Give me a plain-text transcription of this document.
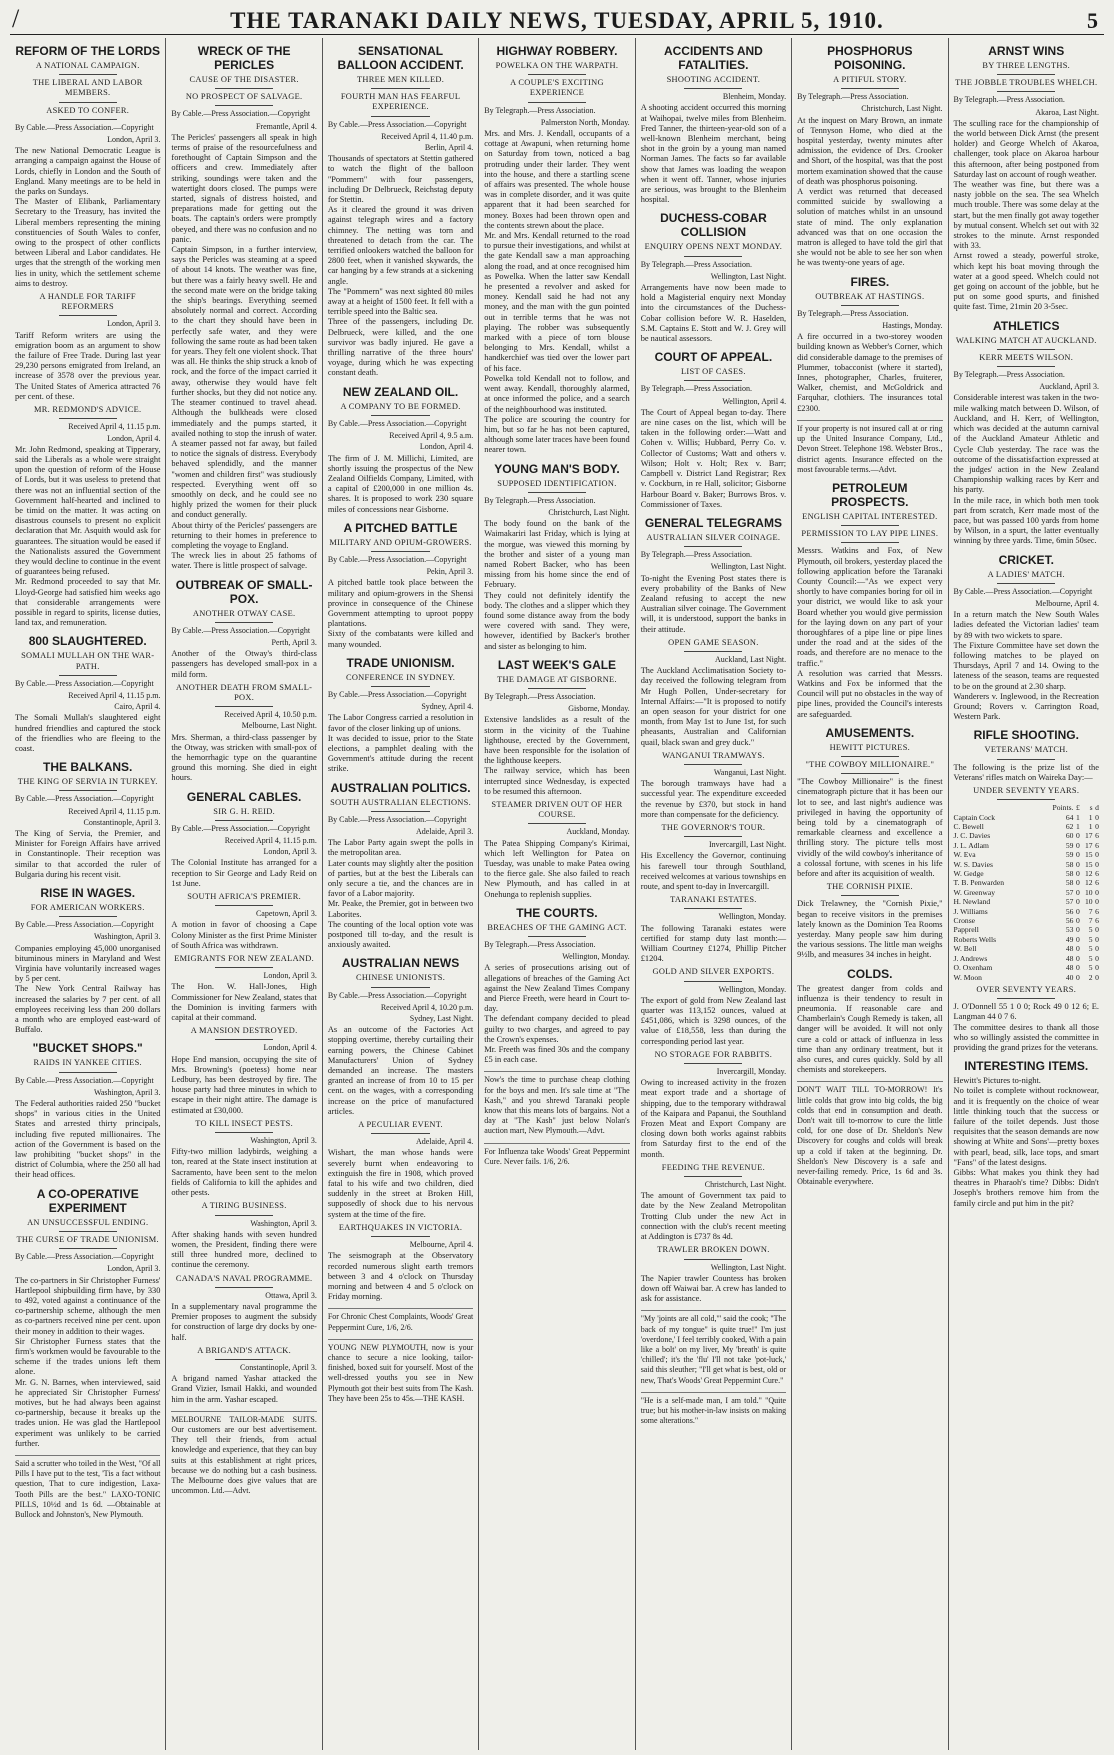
/	THE TARANAKI DAILY NEWS, TUESDAY, APRIL 5, 1910.	5
REFORM OF THE LORDS
A NATIONAL CAMPAIGN.
THE LIBERAL AND LABOR MEMBERS.
ASKED TO CONFER.
By Cable.—Press Association.—Copyright
London, April 3.
The new National Democratic League is arranging a campaign against the House of Lords, chiefly in London and the South of England. Many meetings are to be held in the parks on Sundays.
The Master of Elibank, Parliamentary Secretary to the Treasury, has invited the Liberal members representing the mining constituencies of South Wales to confer, owing to the prospect of other conflicts between Liberal and Labor candidates. He urges that the strength of the working men lies in unity, which the settlement scheme aims to destroy.
A HANDLE FOR TARIFF REFORMERS
London, April 3.
Tariff Reform writers are using the emigration boom as an argument to show the failure of Free Trade. During last year 29,230 persons emigrated from Ireland, an increase of 3578 over the previous year. The United States of America attracted 76 per cent. of these.
MR. REDMOND'S ADVICE.
Received April 4, 11.15 p.m.
London, April 4.
Mr. John Redmond, speaking at Tipperary, said the Liberals as a whole were straight upon the question of reform of the House of Lords, but it was useless to pretend that there was not an influential section of the Government half-hearted and inclined to be timid on the matter. It was acting on disastrous counsels to present no explicit declaration that Mr. Asquith would ask for guarantees. The situation would be eased if the Nationalists assured the Government they would decline to continue in the event of guarantees being refused.
Mr. Redmond proceeded to say that Mr. Lloyd-George had satisfied him weeks ago that considerable arrangements were possible in regard to spirits, license duties, land tax, and remuneration.
800 SLAUGHTERED.
SOMALI MULLAH ON THE WAR-PATH.
By Cable.—Press Association.—Copyright
Received April 4, 11.15 p.m.
Cairo, April 4.
The Somali Mullah's slaughtered eight hundred friendlies and captured the stock of the friendlies who are fleeing to the coast.
THE BALKANS.
THE KING OF SERVIA IN TURKEY.
By Cable.—Press Association.—Copyright
Received April 4, 11.15 p.m.
Constantinople, April 3.
The King of Servia, the Premier, and Minister for Foreign Affairs have arrived in Constantinople. Their reception was similar to that accorded the ruler of Bulgaria during his recent visit.
RISE IN WAGES.
FOR AMERICAN WORKERS.
By Cable.—Press Association.—Copyright
Washington, April 3.
Companies employing 45,000 unorganised bituminous miners in Maryland and West Virginia have voluntarily increased wages by 5 per cent.
The New York Central Railway has increased the salaries by 7 per cent. of all employees receiving less than 200 dollars a month who are employed east-ward of Buffalo.
"BUCKET SHOPS."
RAIDS IN YANKEE CITIES.
By Cable.—Press Association.—Copyright
Washington, April 3.
The Federal authorities raided 250 "bucket shops" in various cities in the United States and arrested thirty principals, including five reputed millionaires. The action of the Government is based on the law prohibiting "bucket shops" in the district of Columbia, where the 250 all had their head offices.
A CO-OPERATIVE EXPERIMENT
AN UNSUCCESSFUL ENDING.
THE CURSE OF TRADE UNIONISM.
By Cable.—Press Association.—Copyright
London, April 3.
The co-partners in Sir Christopher Furness' Hartlepool shipbuilding firm have, by 330 to 492, voted against a continuance of the co-partnership scheme, although the men as co-partners received nine per cent. upon their money in addition to their wages.
Sir Christopher Furness states that the firm's workmen would be favourable to the scheme if the trades unions left them alone.
Mr. G. N. Barnes, when interviewed, said he appreciated Sir Christopher Furness' motives, but he had always been against co-partnership, because it breaks up the trades union. He was glad the Hartlepool experiment was unlikely to be carried further.
Said a scrutter who toiled in the West, "Of all Pills I have put to the test, 'Tis a fact without question, That to cure indigestion, Laxa-Tooth Pills are the best." LAXO-TONIC PILLS, 10½d and 1s 6d. —Obtainable at Bullock and Johnston's, New Plymouth.
WRECK OF THE PERICLES
CAUSE OF THE DISASTER.
NO PROSPECT OF SALVAGE.
By Cable.—Press Association.—Copyright
Fremantle, April 4.
The Pericles' passengers all speak in high terms of praise of the resourcefulness and forethought of Captain Simpson and the officers and crew. Immediately after striking, soundings were taken and the watertight doors closed. The pumps were started, signals of distress hoisted, and preparations made for getting out the boats. The captain's orders were promptly obeyed, and there was no confusion and no panic.
Captain Simpson, in a further interview, says the Pericles was steaming at a speed of about 14 knots. The weather was fine, but there was a fairly heavy swell. He and the second mate were on the bridge taking the ship's bearings. Everything seemed absolutely normal and correct. According to the chart they should have been in perfectly safe water, and they were following the same route as had been taken for years. They felt one violent shock. That was all. He thinks the ship struck a knob of rock, and the force of the impact carried it away, otherwise they would have felt further shocks, but they did not notice any. The steamer continued to travel ahead. Although the bulkheads were closed immediately and the pumps started, it availed nothing to stop the inrush of water. A steamer passed not far away, but failed to notice the signals of distress. Everybody behaved splendidly, and the manner "women and children first" was studiously respected. Everything went off so smoothly on deck, and he could see no highly prized the women for their pluck and conduct generally.
About thirty of the Pericles' passengers are returning to their homes in preference to completing the voyage to England.
The wreck lies in about 25 fathoms of water. There is little prospect of salvage.
OUTBREAK OF SMALL-POX.
ANOTHER OTWAY CASE.
By Cable.—Press Association.—Copyright
Perth, April 3.
Another of the Otway's third-class passengers has developed small-pox in a mild form.
ANOTHER DEATH FROM SMALL-POX.
Received April 4, 10.50 p.m.
Melbourne, Last Night.
Mrs. Sherman, a third-class passenger by the Otway, was stricken with small-pox of the hemorrhagic type on the quarantine ground this morning. She died in eight hours.
GENERAL CABLES.
SIR G. H. REID.
By Cable.—Press Association.—Copyright
Received April 4, 11.15 p.m.
London, April 3.
The Colonial Institute has arranged for a reception to Sir George and Lady Reid on 1st June.
SOUTH AFRICA'S PREMIER.
Capetown, April 3.
A motion in favor of choosing a Cape Colony Minister as the first Prime Minister of South Africa was withdrawn.
EMIGRANTS FOR NEW ZEALAND.
London, April 3.
The Hon. W. Hall-Jones, High Commissioner for New Zealand, states that the Dominion is inviting farmers with capital at their command.
A MANSION DESTROYED.
London, April 4.
Hope End mansion, occupying the site of Mrs. Browning's (poetess) home near Ledbury, has been destroyed by fire. The house party had three minutes in which to escape in their night attire. The damage is estimated at £30,000.
TO KILL INSECT PESTS.
Washington, April 3.
Fifty-two million ladybirds, weighing a ton, reared at the State insect institution at Sacramento, have been sent to the melon fields of California to kill the aphides and other pests.
A TIRING BUSINESS.
Washington, April 3.
After shaking hands with seven hundred women, the President, finding there were still three hundred more, declined to continue the ceremony.
CANADA'S NAVAL PROGRAMME.
Ottawa, April 3.
In a supplementary naval programme the Premier proposes to augment the subsidy for construction of large dry docks by one-half.
A BRIGAND'S ATTACK.
Constantinople, April 3.
A brigand named Yashar attacked the Grand Vizier, Ismail Hakki, and wounded him in the arm. Yashar escaped.
MELBOURNE TAILOR-MADE SUITS. Our customers are our best advertisement. They tell their friends, from actual knowledge and experience, that they can buy suits at this establishment at right prices, because we do nothing but a cash business. The Melbourne does give values that are uncommon. Ltd.—Advt.
SENSATIONAL BALLOON ACCIDENT.
THREE MEN KILLED.
FOURTH MAN HAS FEARFUL EXPERIENCE.
By Cable.—Press Association.—Copyright
Received April 4, 11.40 p.m.
Berlin, April 4.
Thousands of spectators at Stettin gathered to watch the flight of the balloon "Pommern" with four passengers, including Dr Delbrueck, Reichstag deputy for Stettin.
As it cleared the ground it was driven against telegraph wires and a factory chimney. The netting was torn and threatened to detach from the car. The terrified onlookers watched the balloon for 2800 feet, when it vanished skywards, the car hanging by a few strands at a sickening angle.
The "Pommern" was next sighted 80 miles away at a height of 1500 feet. It fell with a terrible speed into the Baltic sea.
Three of the passengers, including Dr. Delbrueck, were killed, and the one survivor was badly injured. He gave a thrilling narrative of the three hours' voyage, during which he was expecting constant death.
NEW ZEALAND OIL.
A COMPANY TO BE FORMED.
By Cable.—Press Association.—Copyright
Received April 4, 9.5 a.m.
London, April 4.
The firm of J. M. Millichi, Limited, are shortly issuing the prospectus of the New Zealand Oilfields Company, Limited, with a capital of £200,000 in one million 4s. shares. It is proposed to work 230 square miles of concessions near Gisborne.
A PITCHED BATTLE
MILITARY AND OPIUM-GROWERS.
By Cable.—Press Association.—Copyright
Pekin, April 3.
A pitched battle took place between the military and opium-growers in the Shensi province in consequence of the Chinese Government attempting to uproot poppy plantations.
Sixty of the combatants were killed and many wounded.
TRADE UNIONISM.
CONFERENCE IN SYDNEY.
By Cable.—Press Association.—Copyright
Sydney, April 4.
The Labor Congress carried a resolution in favor of the closer linking up of unions.
It was decided to issue, prior to the State elections, a pamphlet dealing with the Government's attitude during the recent strike.
AUSTRALIAN POLITICS.
SOUTH AUSTRALIAN ELECTIONS.
By Cable.—Press Association.—Copyright
Adelaide, April 3.
The Labor Party again swept the polls in the metropolitan area.
Later counts may slightly alter the position of parties, but at the best the Liberals can only secure a tie, and the chances are in favor of a Labor majority.
Mr. Peake, the Premier, got in between two Laborites.
The counting of the local option vote was postponed till to-day, and the result is anxiously awaited.
AUSTRALIAN NEWS
CHINESE UNIONISTS.
By Cable.—Press Association.—Copyright
Received April 4, 10.20 p.m.
Sydney, Last Night.
As an outcome of the Factories Act stopping overtime, thereby curtailing their earning powers, the Chinese Cabinet Manufacturers' Union of Sydney demanded an increase. The masters granted an increase of from 10 to 15 per cent. on the wages, with a corresponding increase on the price of manufactured articles.
A PECULIAR EVENT.
Adelaide, April 4.
Wishart, the man whose hands were severely burnt when endeavoring to extinguish the fire in 1908, which proved fatal to his wife and two children, died suddenly in the street at Broken Hill, supposedly of shock due to his nervous system at the time of the fire.
EARTHQUAKES IN VICTORIA.
Melbourne, April 4.
The seismograph at the Observatory recorded numerous slight earth tremors between 3 and 4 o'clock on Thursday morning and between 4 and 5 o'clock on Friday morning.
For Chronic Chest Complaints, Woods' Great Peppermint Cure, 1/6, 2/6.
YOUNG NEW PLYMOUTH, now is your chance to secure a nice looking, tailor-finished, boxed suit for yourself. Most of the well-dressed youths you see in New Plymouth got their best suits from The Kash. They have been 25s to 45s.—THE KASH.
HIGHWAY ROBBERY.
POWELKA ON THE WARPATH.
A COUPLE'S EXCITING EXPERIENCE
By Telegraph.—Press Association.
Palmerston North, Monday.
Mrs. and Mrs. J. Kendall, occupants of a cottage at Awapuni, when returning home on Saturday from town, noticed a bag protruding under their larder. They went into the house, and there a startling scene of affairs was presented. The whole house was in complete disorder, and it was quite apparent that it had been searched for money. Boxes had been thrown open and the contents strewn about the place.
Mr. and Mrs. Kendall returned to the road to pursue their investigations, and whilst at the gate Kendall saw a man approaching along the road, and at once recognised him as Powelka. When the latter saw Kendall he presented a revolver and asked for money. Kendall said he had not any money, and the man with the gun pointed out in terrible terms that he was not playing. The robber was subsequently marked with a piece of torn blouse belonging to Mrs. Kendall, whilst a handkerchief was tied over the lower part of his face.
Powelka told Kendall not to follow, and went away. Kendall, thoroughly alarmed, at once informed the police, and a search of the neighbourhood was instituted.
The police are scouring the country for him, but so far he has not been captured, although some later traces have been found nearer town.
YOUNG MAN'S BODY.
SUPPOSED IDENTIFICATION.
By Telegraph.—Press Association.
Christchurch, Last Night.
The body found on the bank of the Waimakariri last Friday, which is lying at the morgue, was viewed this morning by the brother and sister of a young man named Robert Backer, who has been missing from his home since the end of February.
They could not definitely identify the body. The clothes and a slipper which they found some distance away from the body were covered with sand. They were, however, identified by Backer's brother and sister as belonging to him.
LAST WEEK'S GALE
THE DAMAGE AT GISBORNE.
By Telegraph.—Press Association.
Gisborne, Monday.
Extensive landslides as a result of the storm in the vicinity of the Tuahine lighthouse, erected by the Government, have been responsible for the isolation of the lighthouse keepers.
The railway service, which has been interrupted since Wednesday, is expected to be resumed this afternoon.
STEAMER DRIVEN OUT OF HER COURSE.
Auckland, Monday.
The Patea Shipping Company's Kirimai, which left Wellington for Patea on Tuesday, was unable to make Patea owing to the fierce gale. She also failed to reach New Plymouth, and has called in at Onehunga to replenish supplies.
THE COURTS.
BREACHES OF THE GAMING ACT.
By Telegraph.—Press Association.
Wellington, Monday.
A series of prosecutions arising out of allegations of breaches of the Gaming Act against the New Zealand Times Company and Pierce Freeth, were heard in Court to-day.
The defendant company decided to plead guilty to two charges, and agreed to pay the Crown's expenses.
Mr. Freeth was fined 30s and the company £5 in each case.
Now's the time to purchase cheap clothing for the boys and men. It's sale time at "The Kash," and you shrewd Taranaki people know that this means lots of bargains. Not a day at "The Kash" just below Nolan's auction mart, New Plymouth.—Advt.
For Influenza take Woods' Great Peppermint Cure. Never fails. 1/6, 2/6.
ACCIDENTS AND FATALITIES.
SHOOTING ACCIDENT.
Blenheim, Monday.
A shooting accident occurred this morning at Waihopai, twelve miles from Blenheim. Fred Tanner, the thirteen-year-old son of a well-known Blenheim merchant, being shot in the groin by a young man named Norman James. The facts so far available show that James was loading the weapon when it went off. Tanner, whose injuries are serious, was brought to the Blenheim hospital.
DUCHESS-COBAR COLLISION
ENQUIRY OPENS NEXT MONDAY.
By Telegraph.—Press Association.
Wellington, Last Night.
Arrangements have now been made to hold a Magisterial enquiry next Monday into the circumstances of the Duchess-Cobar collision before W. R. Haselden, S.M. Captains E. Stott and W. J. Grey will be nautical assessors.
COURT OF APPEAL.
LIST OF CASES.
By Telegraph.—Press Association.
Wellington, April 4.
The Court of Appeal began to-day. There are nine cases on the list, which will be taken in the following order:—Watt and Cohen v. Willis; Hubbard, Perry Co. v. Collector of Customs; Watt and others v. Wilson; Holt v. Holt; Rex v. Barr; Campbell v. District Land Registrar; Rex v. Cockburn, in re Hall, solicitor; Gisborne Harbour Board v. Baker; Burrows Bros. v. Commissioner of Taxes.
GENERAL TELEGRAMS
AUSTRALIAN SILVER COINAGE.
By Telegraph.—Press Association.
Wellington, Last Night.
To-night the Evening Post states there is every probability of the Banks of New Zealand refusing to accept the new Australian silver coinage. The Government will, it is understood, support the banks in their attitude.
OPEN GAME SEASON.
Auckland, Last Night.
The Auckland Acclimatisation Society to-day received the following telegram from Mr Hugh Pollen, Under-secretary for Internal Affairs:—"It is proposed to notify an open season for your district for one month, from May 1st to June 1st, for such pheasants, Australian and Californian quail, black swan and grey duck."
WANGANUI TRAMWAYS.
Wanganui, Last Night.
The borough tramways have had a successful year. The expenditure exceeded the revenue by £370, but stock in hand more than compensate for the deficiency.
THE GOVERNOR'S TOUR.
Invercargill, Last Night.
His Excellency the Governor, continuing his farewell tour through Southland, received welcomes at various townships en route, and spent to-day in Invercargill.
TARANAKI ESTATES.
Wellington, Monday.
The following Taranaki estates were certified for stamp duty last month:—William Courtney £1274, Phillip Pitcher £1204.
GOLD AND SILVER EXPORTS.
Wellington, Monday.
The export of gold from New Zealand last quarter was 113,152 ounces, valued at £451,086, which is 3298 ounces, of the value of £18,558, less than during the corresponding period last year.
NO STORAGE FOR RABBITS.
Invercargill, Monday.
Owing to increased activity in the frozen meat export trade and a shortage of shipping, due to the temporary withdrawal of the Kaipara and Papanui, the Southland Frozen Meat and Export Company are closing down both works against rabbits from Saturday first to the end of the month.
FEEDING THE REVENUE.
Christchurch, Last Night.
The amount of Government tax paid to date by the New Zealand Metropolitan Trotting Club under the new Act in connection with the club's recent meeting at Addington is £737 8s 4d.
TRAWLER BROKEN DOWN.
Wellington, Last Night.
The Napier trawler Countess has broken down off Waiwai bar. A crew has landed to ask for assistance.
"My 'joints are all cold,'" said the cook; "The back of my tongue" is quite true!" I'm just 'overdone,' I feel terribly cooked, With a pain like a bolt' on my liver, My 'breath' is quite 'chilled'; it's the 'flu' I'll not take 'pot-luck,' said this sleuther; "I'll get what is best, old or new, That's Woods' Great Peppermint Cure."
"He is a self-made man, I am told." "Quite true; but his mother-in-law insists on making some alterations."
PHOSPHORUS POISONING.
A PITIFUL STORY.
By Telegraph.—Press Association.
Christchurch, Last Night.
At the inquest on Mary Brown, an inmate of Tennyson Home, who died at the hospital yesterday, twenty minutes after admission, the evidence of Drs. Crooker and Short, of the hospital, was that the post mortem examination showed that the cause of death was phosphorus poisoning.
A verdict was returned that deceased committed suicide by swallowing a solution of matches whilst in an unsound state of mind. The only explanation advanced was that on one occasion the matron is alleged to have told the girl that she would not be able to see her son when he was twenty-one years of age.
FIRES.
OUTBREAK AT HASTINGS.
By Telegraph.—Press Association.
Hastings, Monday.
A fire occurred in a two-storey wooden building known as Webber's Corner, which did considerable damage to the premises of Plummer, tobacconist (where it started), Innes, photographer, Charles, fruiterer, Walker, chemist, and McGoldrick and Farquhar, clothiers. The insurances total £2300.
If your property is not insured call at or ring up the United Insurance Company, Ltd., Devon Street. Telephone 198. Webster Bros., district agents. Insurance effected on the most favourable terms.—Advt.
PETROLEUM PROSPECTS.
ENGLISH CAPITAL INTERESTED.
PERMISSION TO LAY PIPE LINES.
Messrs. Watkins and Fox, of New Plymouth, oil brokers, yesterday placed the following application before the Taranaki County Council:—"As we expect very shortly to have companies boring for oil in your district, we would like to ask your Board whether you would give permission for the laying down on any part of your thoroughfares of a pipe line or pipe lines under the road and at the sides of the roads, and therefore are no menace to the traffic."
A resolution was carried that Messrs. Watkins and Fox be informed that the Council will put no obstacles in the way of pipe lines, provided the Council's interests are safeguarded.
AMUSEMENTS.
HEWITT PICTURES.
"THE COWBOY MILLIONAIRE."
"The Cowboy Millionaire" is the finest cinematograph picture that it has been our lot to see, and last night's audience was privileged in having the opportunity of being told by a cinematograph of remarkable clearness and excellence a thrilling story. The picture tells most vividly of the wild cowboy's inheritance of a colossal fortune, with scenes in his life before and after its acquisition of wealth.
THE CORNISH PIXIE.
Dick Trelawney, the "Cornish Pixie," began to receive visitors in the premises lately known as the Dominion Tea Rooms yesterday. Many people saw him during the various sessions. The little man weighs 9½lb, and measures 34 inches in height.
COLDS.
The greatest danger from colds and influenza is their tendency to result in pneumonia. If reasonable care and Chamberlain's Cough Remedy is taken, all danger will be avoided. It will not only cure a cold or attack of influenza in less time than any ordinary treatment, but it also cures, and cures quickly. Sold by all chemists and storekeepers.
DON'T WAIT TILL TO-MORROW! It's little colds that grow into big colds, the big colds that end in consumption and death. Don't wait till to-morrow to cure the little cold, for one dose of Dr. Sheldon's New Discovery for coughs and colds will break up a cold if taken at the beginning. Dr. Sheldon's New Discovery is a safe and never-failing remedy. Price, 1s 6d and 3s. Obtainable everywhere.
ARNST WINS
BY THREE LENGTHS.
THE JOBBLE TROUBLES WHELCH.
By Telegraph.—Press Association.
Akaroa, Last Night.
The sculling race for the championship of the world between Dick Arnst (the present holder) and George Whelch of Akaroa, challenger, took place on Akaroa harbour this afternoon, after being postponed from Saturday last on account of rough weather.
The weather was fine, but there was a nasty jobble on the sea. The sea Whelch much trouble. There was some delay at the start, but the men finally got away together by mutual consent. Whelch set out with 32 strokes to the minute. Arnst responded with 33.
Arnst rowed a steady, powerful stroke, which kept his boat moving through the water at a good speed. Whelch could not get going on account of the jobble, but he put on some good spurts, and finished quite fast. Time, 21min 20 3-5sec.
ATHLETICS
WALKING MATCH AT AUCKLAND.
KERR MEETS WILSON.
By Telegraph.—Press Association.
Auckland, April 3.
Considerable interest was taken in the two-mile walking match between D. Wilson, of Auckland, and H. Kerr, of Wellington, which was decided at the autumn carnival of the Auckland Amateur Athletic and Cycle Club yesterday. The race was the outcome of the dissatisfaction expressed at the judges' action in the New Zealand Championship walking races by Kerr and his party.
In the mile race, in which both men took part from scratch, Kerr made most of the pace, but was passed 100 yards from home by Wilson, in a spurt, the latter eventually winning by three yards. Time, 6min 50sec.
CRICKET.
A LADIES' MATCH.
By Cable.—Press Association.—Copyright
Melbourne, April 4.
In a return match the New South Wales ladies defeated the Victorian ladies' team by 89 with two wickets to spare.
The Fixture Committee have set down the following matches to be played on Thursdays, April 7 and 14. Owing to the lateness of the season, teams are requested to be on the ground at 2.30 sharp.
Wanderers v. Inglewood, in the Recreation Ground; Rovers v. Carrington Road, Western Park.
RIFLE SHOOTING.
VETERANS' MATCH.
The following is the prize list of the Veterans' rifles match on Waireka Day:—
UNDER SEVENTY YEARS.
	Points.	£	s	d
Captain Cock	64	1	1	0
C. Bewell	62	1	1	0
J. C. Davies	60	0	17	6
J. L. Adlam	59	0	17	6
W. Eva	59	0	15	0
W. S. Davies	58	0	15	0
W. Gedge	58	0	12	6
T. B. Penwarden	58	0	12	6
W. Greenway	57	0	10	0
H. Newland	57	0	10	0
J. Williams	56	0	7	6
Cronse	56	0	7	6
Papprell	53	0	5	0
Roberts Wells	49	0	5	0
W. Bell	48	0	5	0
J. Andrews	48	0	5	0
O. Oxenham	48	0	5	0
W. Moon	40	0	2	0
OVER SEVENTY YEARS.
J. O'Donnell 55 1 0 0; Rock 49 0 12 6; E. Langman 44 0 7 6.
The committee desires to thank all those who so willingly assisted the committee in providing the grand prizes for the veterans.
INTERESTING ITEMS.
Hewitt's Pictures to-night.
No toilet is complete without rocknowear, and it is frequently on the choice of wear little thinking touch that the success or failure of the toilet depends. Just those requisites that the season demands are now showing at White and Sons'—pretty boxes with pearl, bead, silk, lace tops, and smart "Fans" of the latest designs.
Gibbs: What makes you think they had theatres in Pharaoh's time? Dibbs: Didn't Joseph's brothers remove him from the family circle and put him in the pit?
